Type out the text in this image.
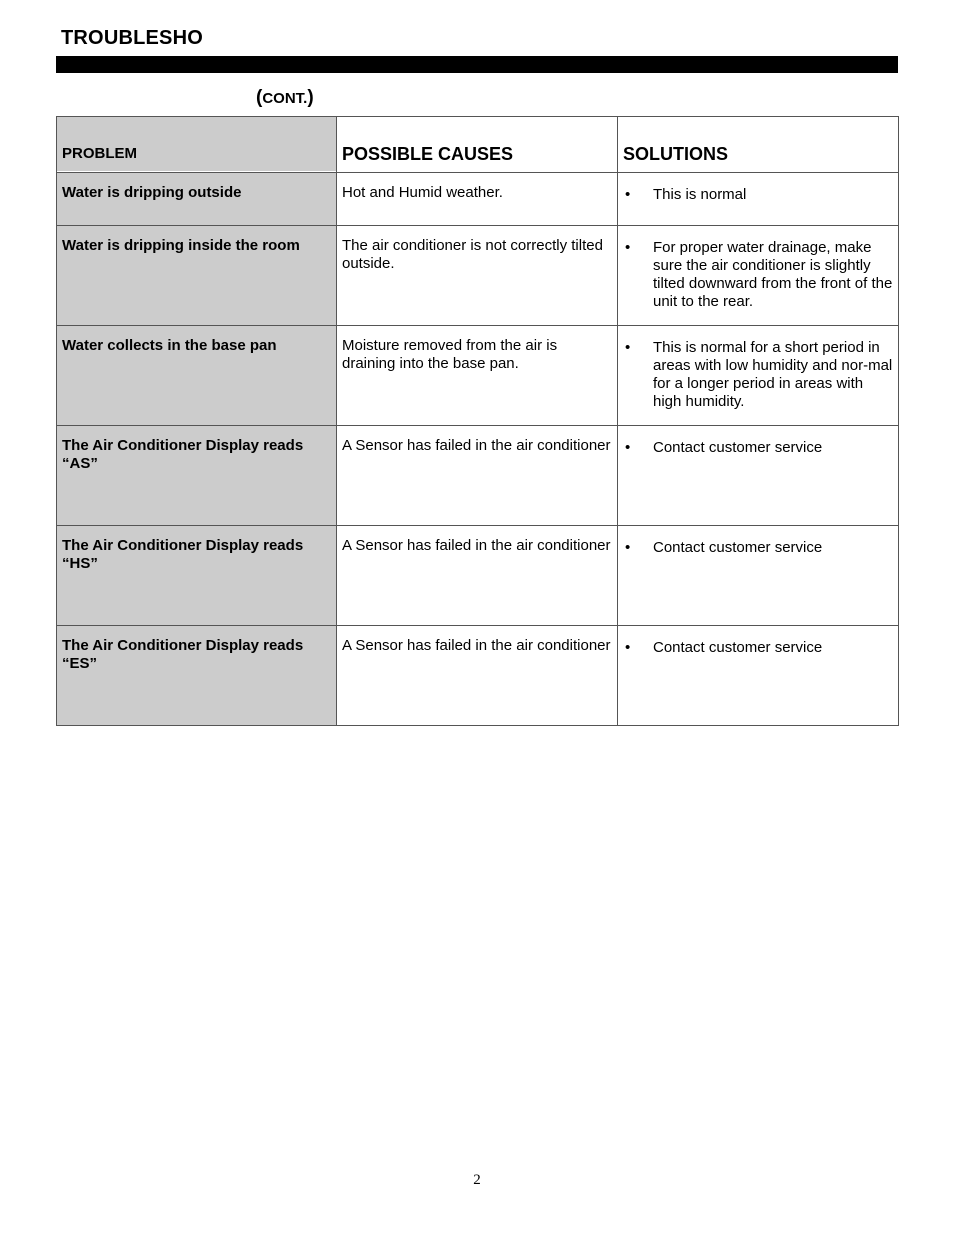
TROUBLESHO
(CONT.)
PROBLEM	POSSIBLE CAUSES	SOLUTIONS
Water is dripping outside	Hot and Humid weather.	• This is normal

Water is dripping inside the room	The air conditioner is not correctly tilted outside.	• For proper water drainage, make sure the air conditioner is slightly tilted downward from the front of the unit to the rear.

Water collects in the base pan	Moisture removed from the air is draining into the base pan.	• This is normal for a short period in areas with low humidity and nor-mal for a longer period in areas with high humidity.

The Air Conditioner Display reads “AS”	A Sensor has failed in the air conditioner	• Contact customer service

The Air Conditioner Display reads “HS”	A Sensor has failed in the air conditioner	• Contact customer service

The Air Conditioner Display reads “ES”	A Sensor has failed in the air conditioner	• Contact customer service
2
